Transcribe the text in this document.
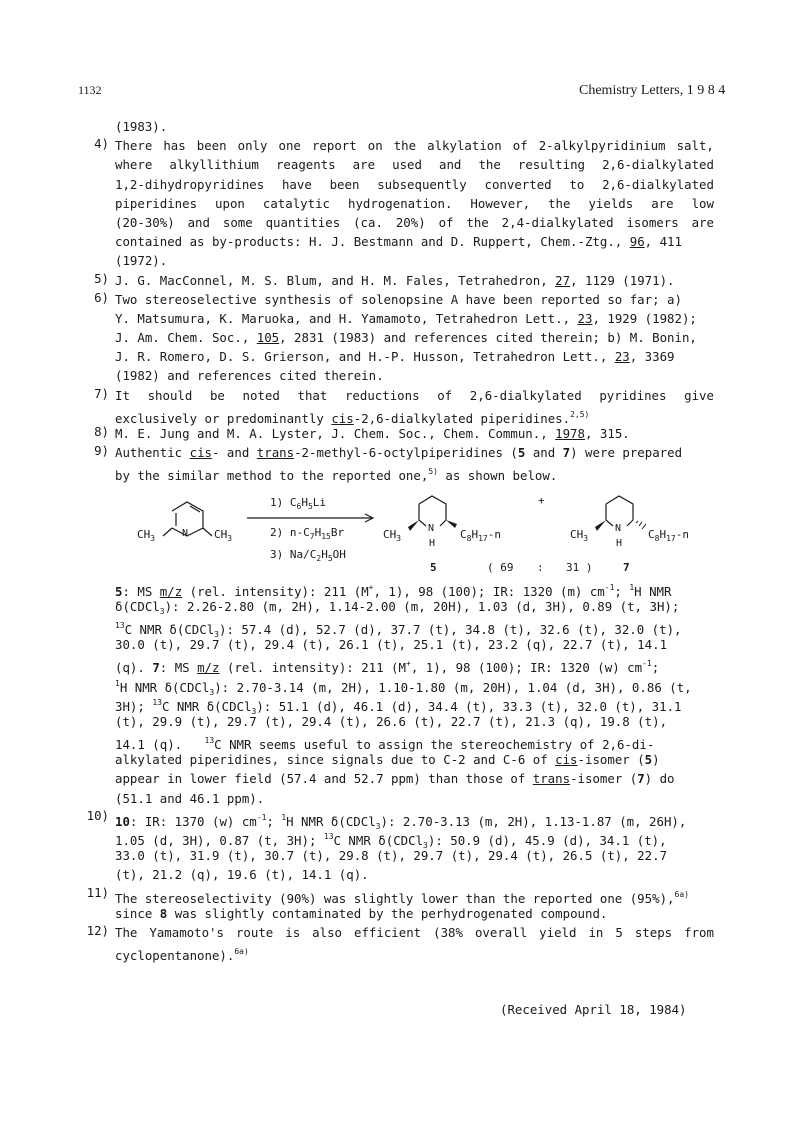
1132	Chemistry Letters, 1 9 8 4
(1983).
4) There has been only one report on the alkylation of 2-alkylpyridinium salt,
where alkyllithium reagents are used and the resulting 2,6-dialkylated
1,2-dihydropyridines have been subsequently converted to 2,6-dialkylated
piperidines upon catalytic hydrogenation. However, the yields are low
(20-30%) and some quantities (ca. 20%) of the 2,4-dialkylated isomers are
contained as by-products: H. J. Bestmann and D. Ruppert, Chem.-Ztg., 96, 411
(1972).
5) J. G. MacConnel, M. S. Blum, and H. M. Fales, Tetrahedron, 27, 1129 (1971).
6) Two stereoselective synthesis of solenopsine A have been reported so far; a)
Y. Matsumura, K. Maruoka, and H. Yamamoto, Tetrahedron Lett., 23, 1929 (1982);
J. Am. Chem. Soc., 105, 2831 (1983) and references cited therein; b) M. Bonin,
J. R. Romero, D. S. Grierson, and H.-P. Husson, Tetrahedron Lett., 23, 3369
(1982) and references cited therein.
7) It should be noted that reductions of 2,6-dialkylated pyridines give
exclusively or predominantly cis-2,6-dialkylated piperidines.$^{2,5)}$
8) M. E. Jung and M. A. Lyster, J. Chem. Soc., Chem. Commun., 1978, 315.
9) Authentic cis- and trans-2-methyl-6-octylpiperidines (5 and 7) were prepared
by the similar method to the reported one,$^{5)}$ as shown below.
$CH_3$	N $CH_3$
1) $C_6H_5Li$
2) $n-C_7H_{15}Br$
3) $Na/C_2H_5OH$
$CH_3$
N
H
$C_8H_{17}-n$
5
+
( 69 : 31 )
$CH_3$
N
H
$C_8H_{17}-n$
7
5: MS m/z (rel. intensity): 211 (M+, 1), 98 (100); IR: 1320 (m) $cm^{-1}$; $^1$H NMR
δ(CDCl$_3$): 2.26-2.80 (m, 2H), 1.14-2.00 (m, 20H), 1.03 (d, 3H), 0.89 (t, 3H);
$^{13}$C NMR δ(CDCl$_3$): 57.4 (d), 52.7 (d), 37.7 (t), 34.8 (t), 32.6 (t), 32.0 (t),
30.0 (t), 29.7 (t), 29.4 (t), 26.1 (t), 25.1 (t), 23.2 (q), 22.7 (t), 14.1
(q). 7: MS m/z (rel. intensity): 211 (M+, 1), 98 (100); IR: 1320 (w) $cm^{-1}$;
$^1$H NMR δ(CDCl$_3$): 2.70-3.14 (m, 2H), 1.10-1.80 (m, 20H), 1.04 (d, 3H), 0.86 (t,
3H); $^{13}$C NMR δ(CDCl$_3$): 51.1 (d), 46.1 (d), 34.4 (t), 33.3 (t), 32.0 (t), 31.1
(t), 29.9 (t), 29.7 (t), 29.4 (t), 26.6 (t), 22.7 (t), 21.3 (q), 19.8 (t),
14.1 (q).   $^{13}$C NMR seems useful to assign the stereochemistry of 2,6-di-
alkylated piperidines, since signals due to C-2 and C-6 of cis-isomer (5)
appear in lower field (57.4 and 52.7 ppm) than those of trans-isomer (7) do
(51.1 and 46.1 ppm).
10) 10: IR: 1370 (w) $cm^{-1}$; $^1$H NMR δ(CDCl$_3$): 2.70-3.13 (m, 2H), 1.13-1.87 (m, 26H),
1.05 (d, 3H), 0.87 (t, 3H); $^{13}$C NMR δ(CDCl$_3$): 50.9 (d), 45.9 (d), 34.1 (t),
33.0 (t), 31.9 (t), 30.7 (t), 29.8 (t), 29.7 (t), 29.4 (t), 26.5 (t), 22.7
(t), 21.2 (q), 19.6 (t), 14.1 (q).
11) The stereoselectivity (90%) was slightly lower than the reported one (95%),$^{6a)}$
since 8 was slightly contaminated by the perhydrogenated compound.
12) The Yamamoto's route is also efficient (38% overall yield in 5 steps from
cyclopentanone).$^{6a)}$
(Received April 18, 1984)
